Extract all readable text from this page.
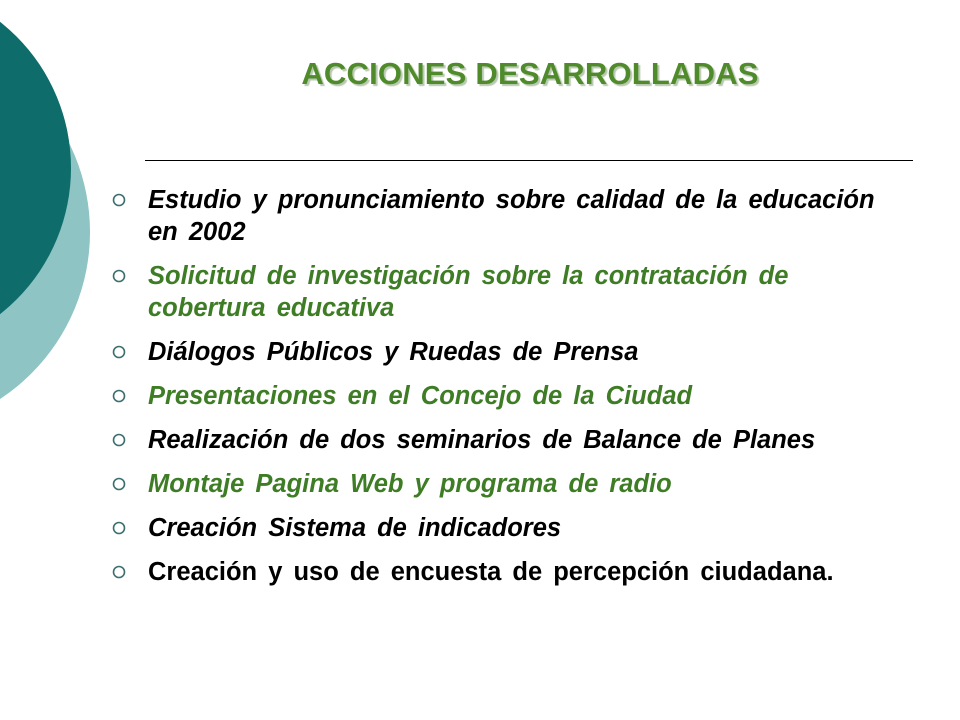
ACCIONES DESARROLLADAS
Estudio y pronunciamiento sobre calidad de la educación en 2002
Solicitud de investigación sobre la contratación de cobertura educativa
Diálogos Públicos y Ruedas de Prensa
Presentaciones en el Concejo de la Ciudad
Realización de dos seminarios de Balance de Planes
Montaje Pagina Web y programa de radio
Creación Sistema de indicadores
Creación y uso de encuesta de percepción ciudadana.
